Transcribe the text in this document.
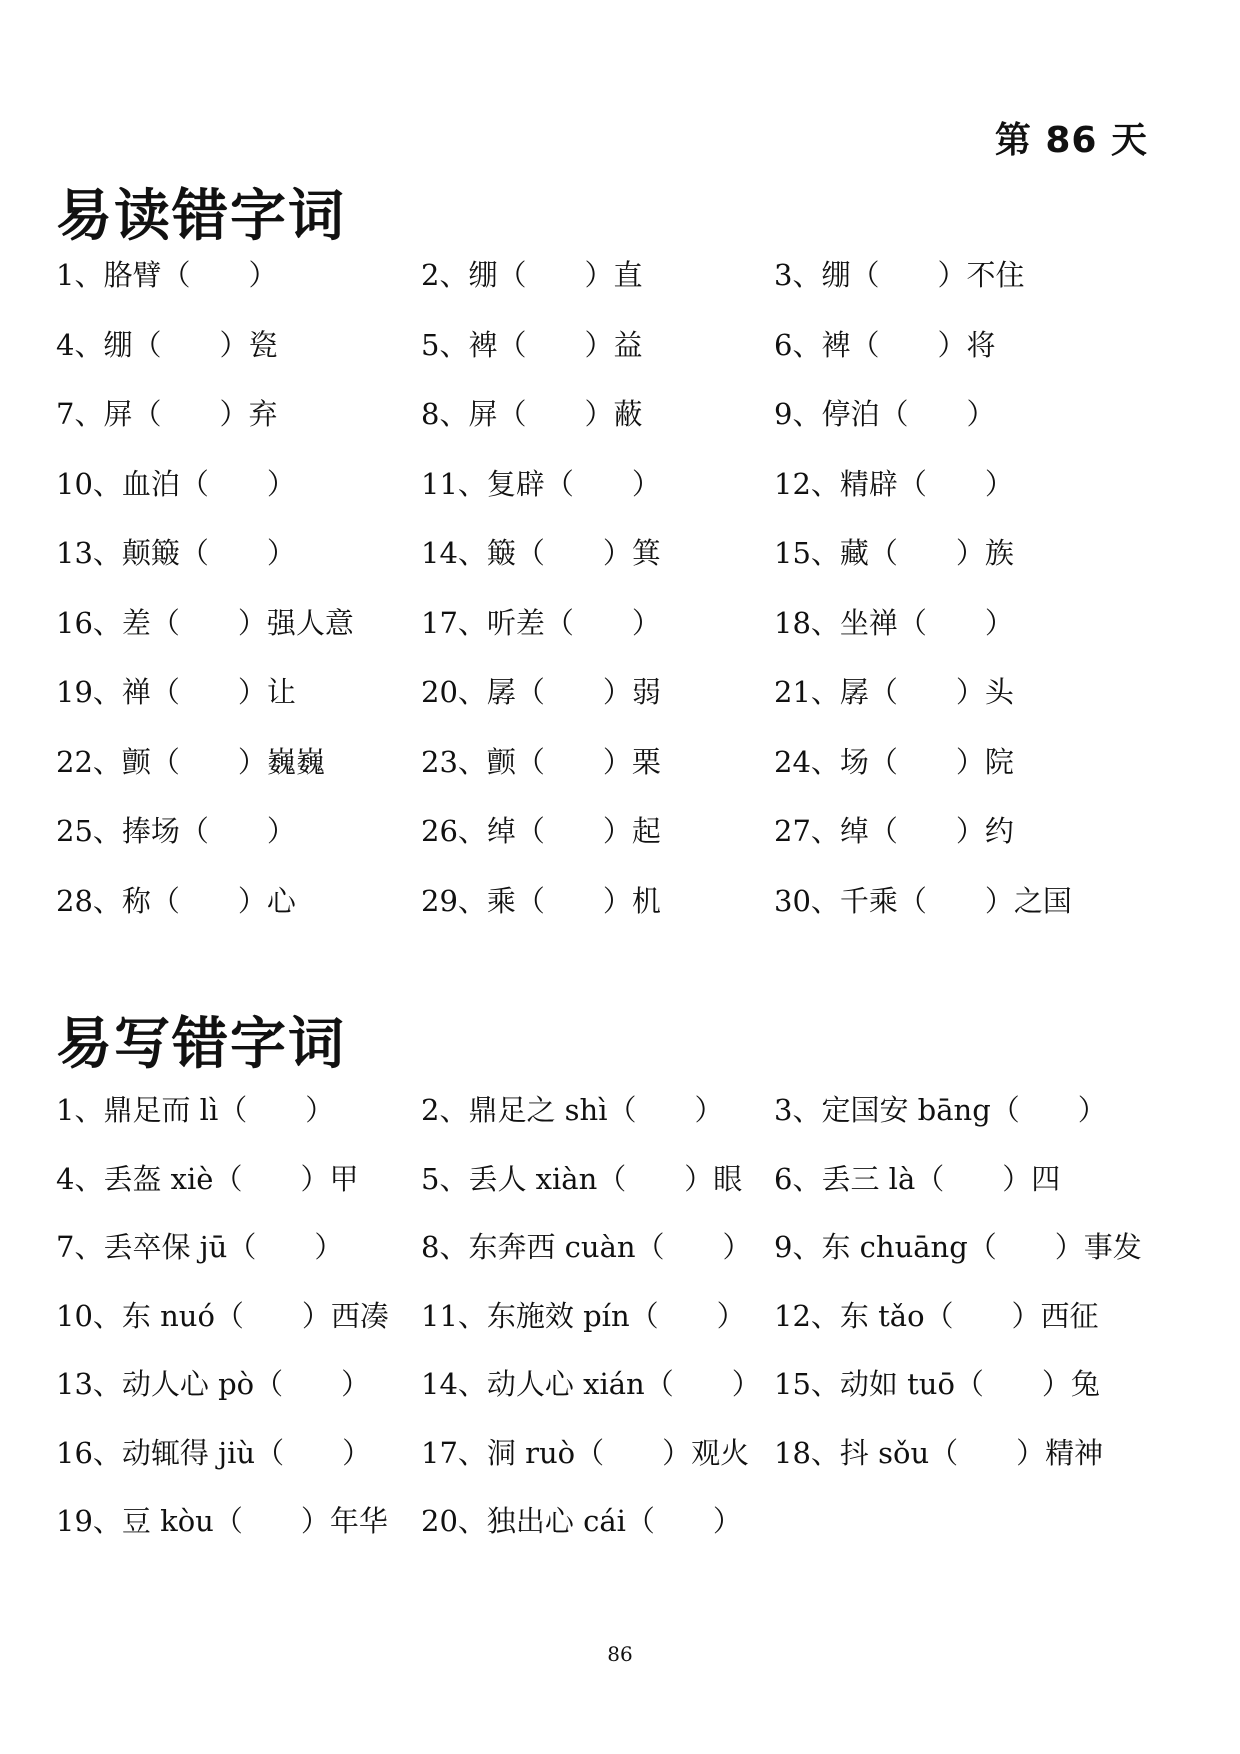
第 86 天
易读错字词
1、胳臂（　　）	2、绷（　　）直	3、绷（　　）不住
4、绷（　　）瓷	5、裨（　　）益	6、裨（　　）将
7、屏（　　）弃	8、屏（　　）蔽	9、停泊（　　）
10、血泊（　　）	11、复辟（　　）	12、精辟（　　）
13、颠簸（　　）	14、簸（　　）箕	15、藏（　　）族
16、差（　　）强人意	17、听差（　　）	18、坐禅（　　）
19、禅（　　）让	20、孱（　　）弱	21、孱（　　）头
22、颤（　　）巍巍	23、颤（　　）栗	24、场（　　）院
25、捧场（　　）	26、绰（　　）起	27、绰（　　）约
28、称（　　）心	29、乘（　　）机	30、千乘（　　）之国
易写错字词
1、鼎足而 lì（　　）	2、鼎足之 shì（　　）	3、定国安 bāng（　　）
4、丢盔 xiè（　　）甲	5、丢人 xiàn（　　）眼	6、丢三 là（　　）四
7、丢卒保 jū（　　）	8、东奔西 cuàn（　　） 9、东 chuāng（　　）事发
10、东 nuó（　　）西凑	11、东施效 pín（　　） 12、东 tǎo（　　）西征
13、动人心 pò（　　）	14、动人心 xián（　　） 15、动如 tuō（　　）兔
16、动辄得 jiù（　　）	17、洞 ruò（　　）观火 18、抖 sǒu（　　）精神
19、豆 kòu（　　）年华	20、独出心 cái（　　）
86
